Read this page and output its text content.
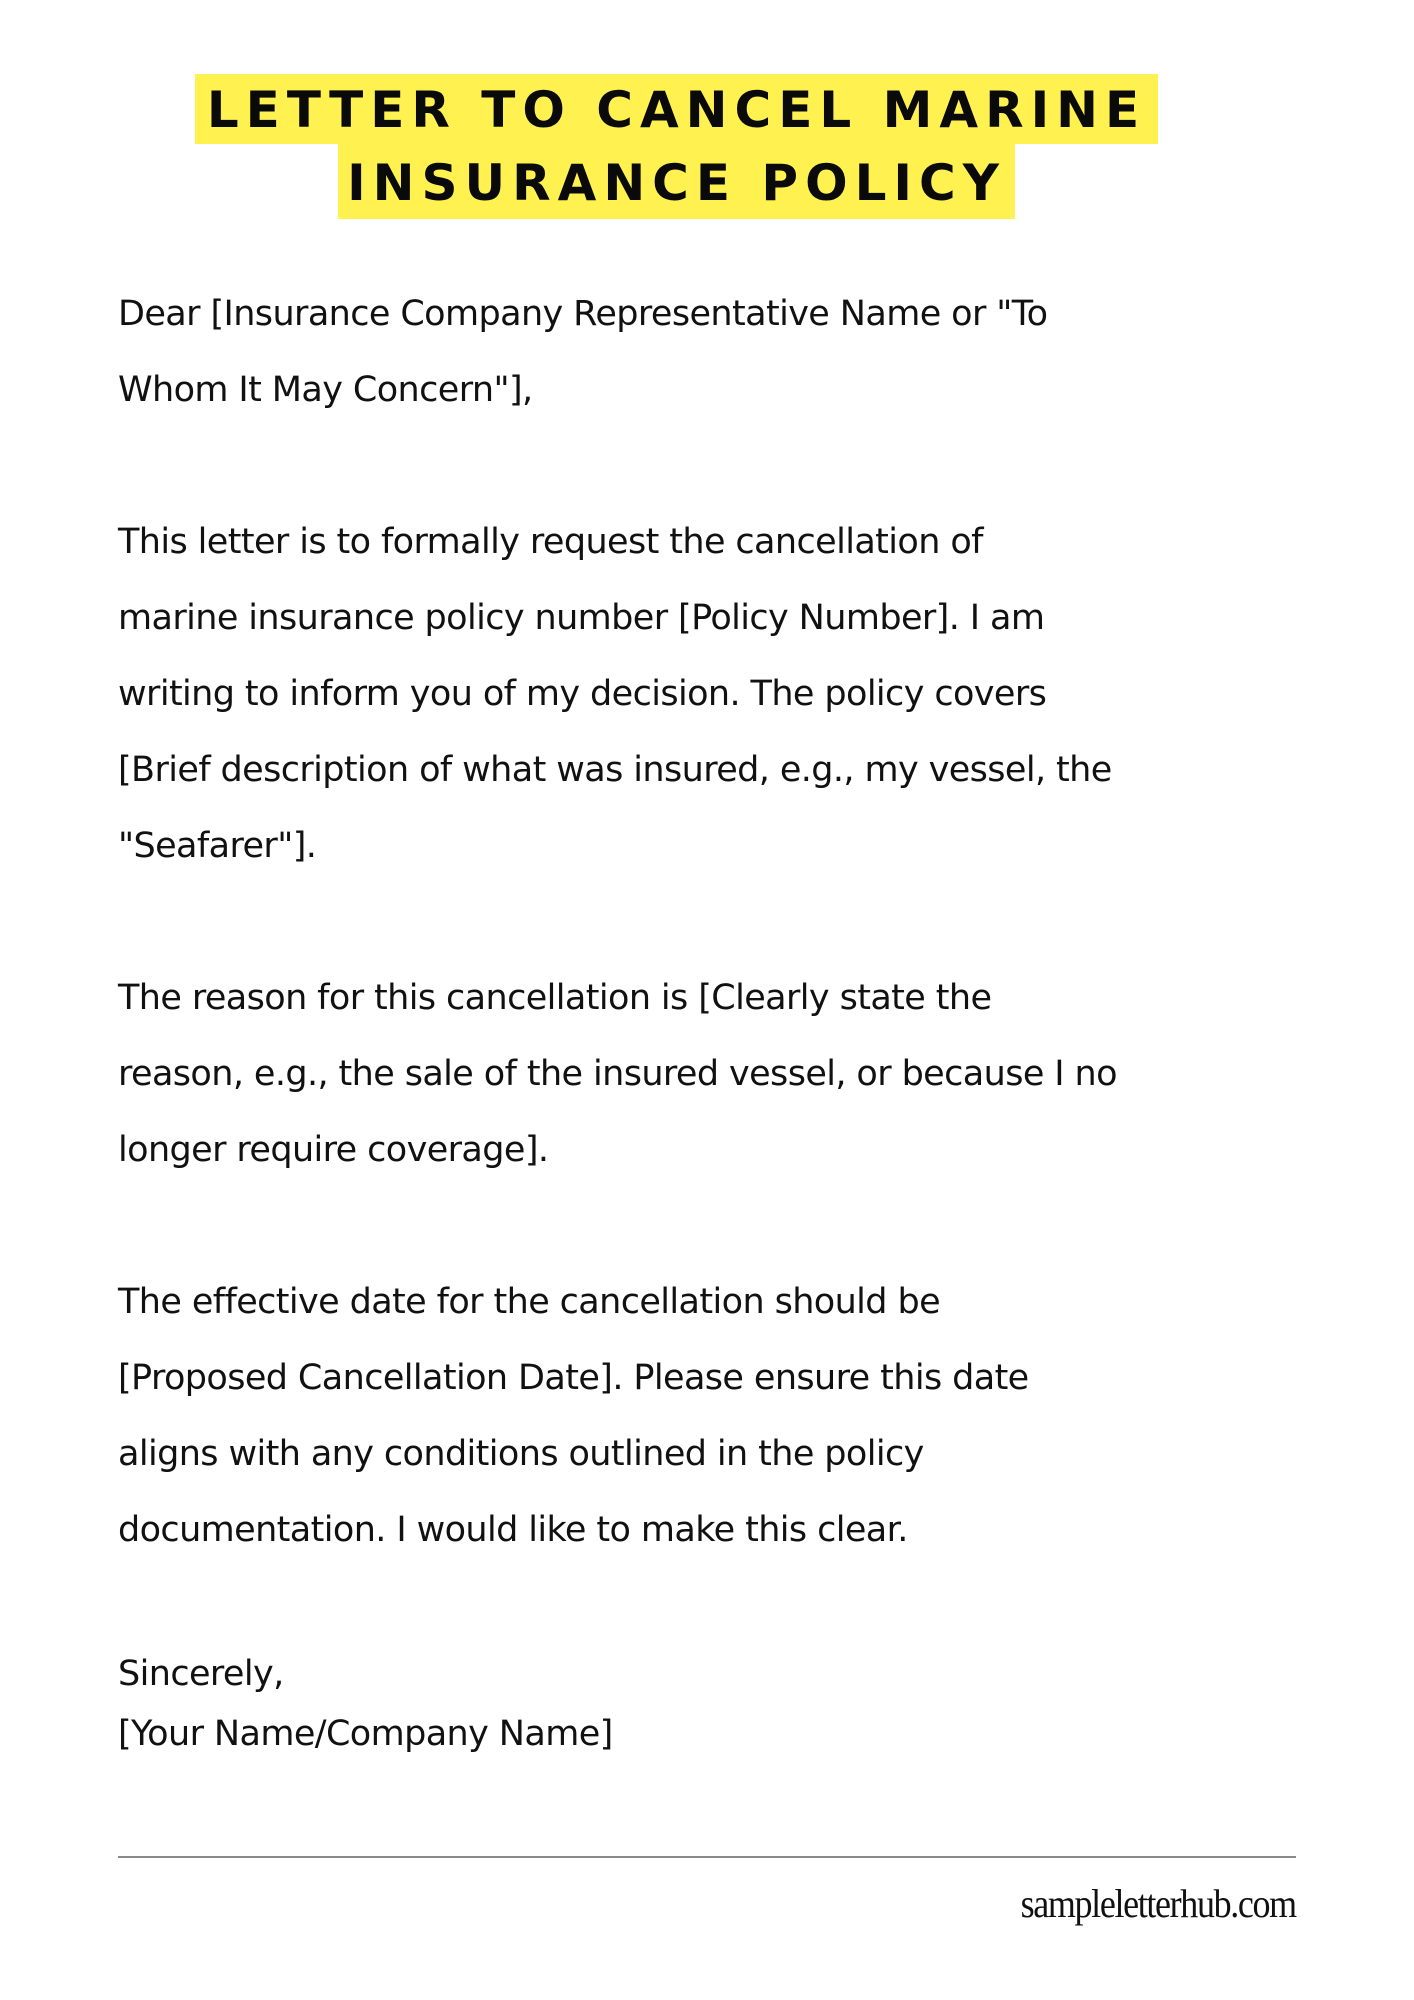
LETTER TO CANCEL MARINE
INSURANCE POLICY
Dear [Insurance Company Representative Name or "To
Whom It May Concern"],
This letter is to formally request the cancellation of
marine insurance policy number [Policy Number]. I am
writing to inform you of my decision. The policy covers
[Brief description of what was insured, e.g., my vessel, the
"Seafarer"].
The reason for this cancellation is [Clearly state the
reason, e.g., the sale of the insured vessel, or because I no
longer require coverage].
The effective date for the cancellation should be
[Proposed Cancellation Date]. Please ensure this date
aligns with any conditions outlined in the policy
documentation. I would like to make this clear.
Sincerely,
[Your Name/Company Name]
sampleletterhub.com
